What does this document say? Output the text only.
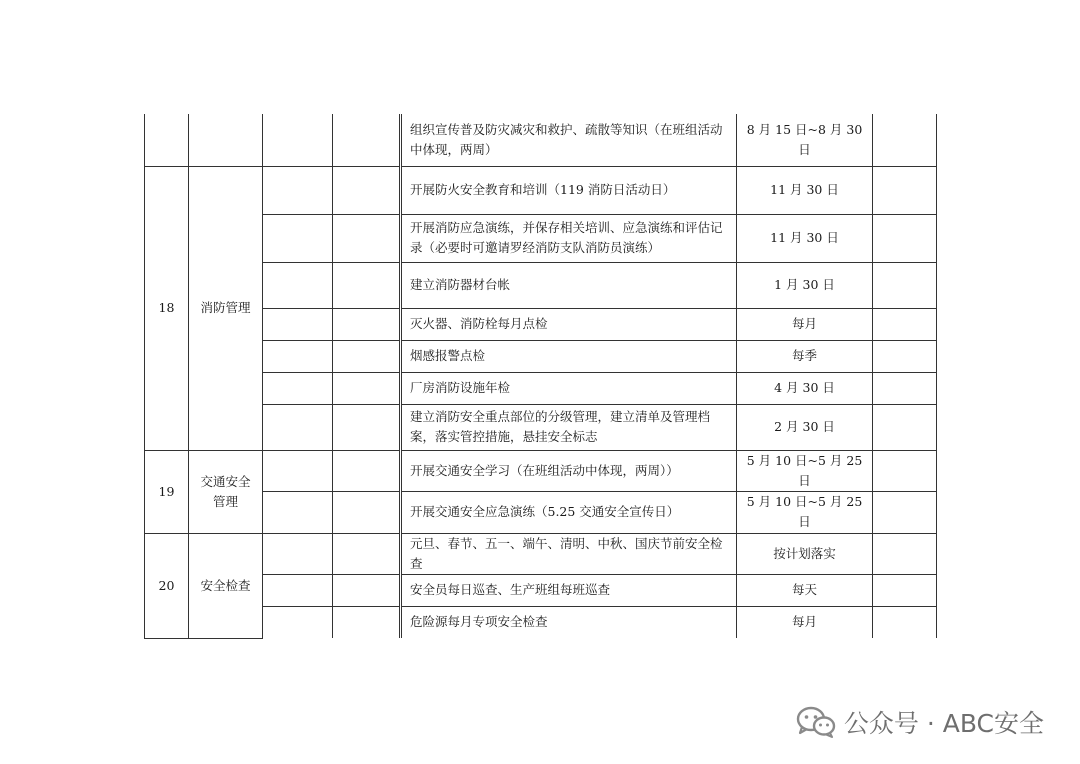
				组织宣传普及防灾减灾和救护、疏散等知识（在班组活动中体现，两周）	8 月 15 日~8 月 30 日	
18	消防管理			开展防火安全教育和培训（119 消防日活动日）	11 月 30 日	
				开展消防应急演练，并保存相关培训、应急演练和评估记录（必要时可邀请罗经消防支队消防员演练）	11 月 30 日	
				建立消防器材台帐	1 月 30 日	
				灭火器、消防栓每月点检	每月	
				烟感报警点检	每季	
				厂房消防设施年检	4 月 30 日	
				建立消防安全重点部位的分级管理，建立清单及管理档案，落实管控措施，悬挂安全标志	2 月 30 日	
19	交通安全管理			开展交通安全学习（在班组活动中体现，两周））	5 月 10 日~5 月 25 日	
				开展交通安全应急演练（5.25 交通安全宣传日）	5 月 10 日~5 月 25 日	
20	安全检查			元旦、春节、五一、端午、清明、中秋、国庆节前安全检查	按计划落实	
				安全员每日巡查、生产班组每班巡查	每天	
				危险源每月专项安全检查	每月	
公众号 · ABC安全
